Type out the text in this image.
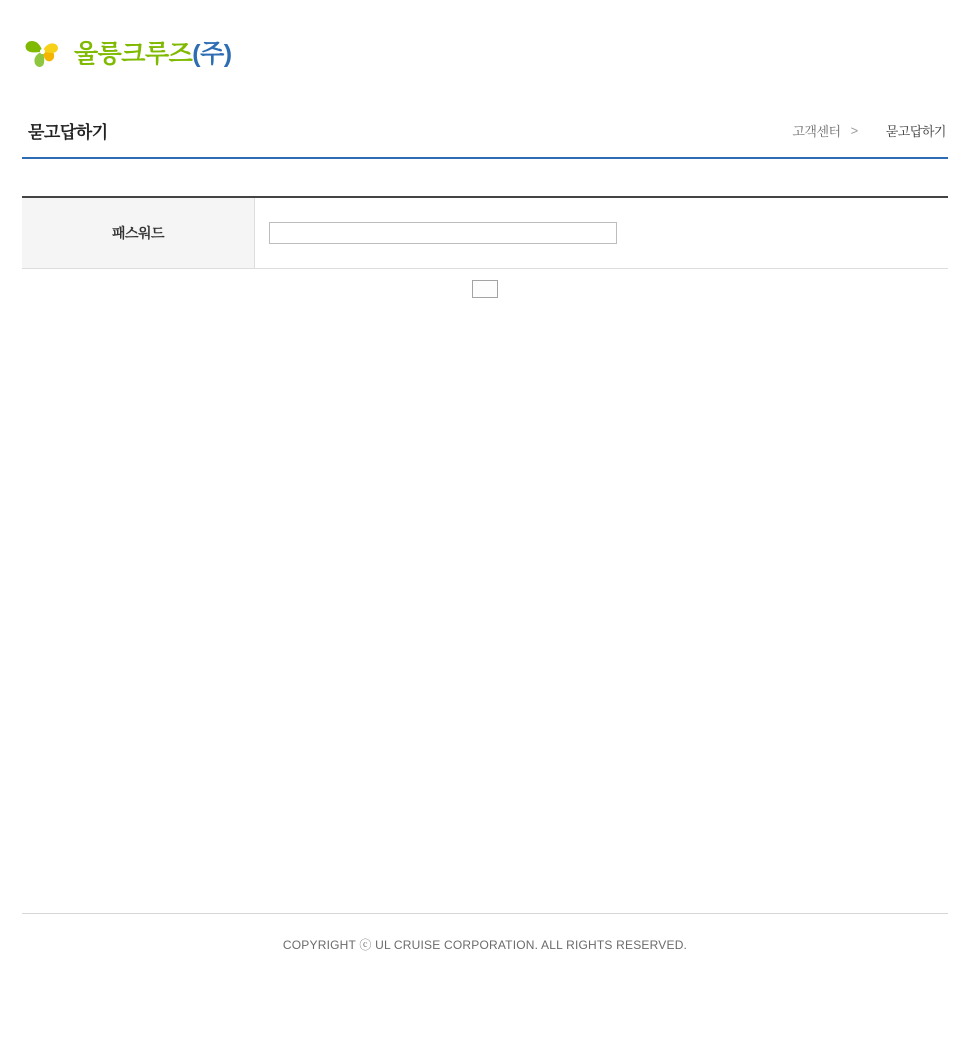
울릉크루즈(주)
묻고답하기	고객센터 >	묻고답하기
패스워드	
COPYRIGHT ⓒ UL CRUISE CORPORATION. ALL RIGHTS RESERVED.
